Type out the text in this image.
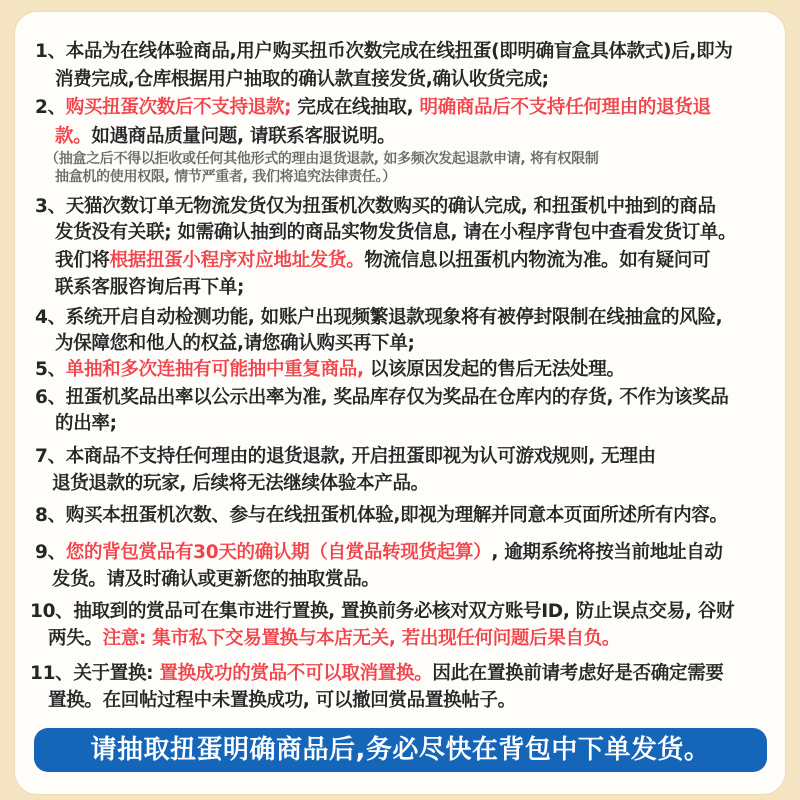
1、本品为在线体验商品,用户购买扭币次数完成在线扭蛋(即明确盲盒具体款式)后,即为
消费完成,仓库根据用户抽取的确认款直接发货,确认收货完成;
2、购买扭蛋次数后不支持退款; 完成在线抽取, 明确商品后不支持任何理由的退货退
款。如遇商品质量问题, 请联系客服说明。
（抽盒之后不得以拒收或任何其他形式的理由退货退款, 如多频次发起退款申请, 将有权限制
抽盒机的使用权限, 情节严重者, 我们将追究法律责任。）
3、天猫次数订单无物流发货仅为扭蛋机次数购买的确认完成, 和扭蛋机中抽到的商品
发货没有关联; 如需确认抽到的商品实物发货信息, 请在小程序背包中查看发货订单。
我们将根据扭蛋小程序对应地址发货。物流信息以扭蛋机内物流为准。如有疑问可
联系客服咨询后再下单;
4、系统开启自动检测功能, 如账户出现频繁退款现象将有被停封限制在线抽盒的风险,
为保障您和他人的权益,请您确认购买再下单;
5、单抽和多次连抽有可能抽中重复商品, 以该原因发起的售后无法处理。
6、扭蛋机奖品出率以公示出率为准, 奖品库存仅为奖品在仓库内的存货, 不作为该奖品
的出率;
7、本商品不支持任何理由的退货退款, 开启扭蛋即视为认可游戏规则, 无理由
退货退款的玩家, 后续将无法继续体验本产品。
8、购买本扭蛋机次数、参与在线扭蛋机体验,即视为理解并同意本页面所述所有内容。
9、您的背包赏品有30天的确认期（自赏品转现货起算）, 逾期系统将按当前地址自动
发货。请及时确认或更新您的抽取赏品。
10、抽取到的赏品可在集市进行置换, 置换前务必核对双方账号ID, 防止误点交易, 谷财
两失。注意: 集市私下交易置换与本店无关, 若出现任何问题后果自负。
11、关于置换: 置换成功的赏品不可以取消置换。因此在置换前请考虑好是否确定需要
置换。在回帖过程中未置换成功, 可以撤回赏品置换帖子。
请抽取扭蛋明确商品后,务必尽快在背包中下单发货。
